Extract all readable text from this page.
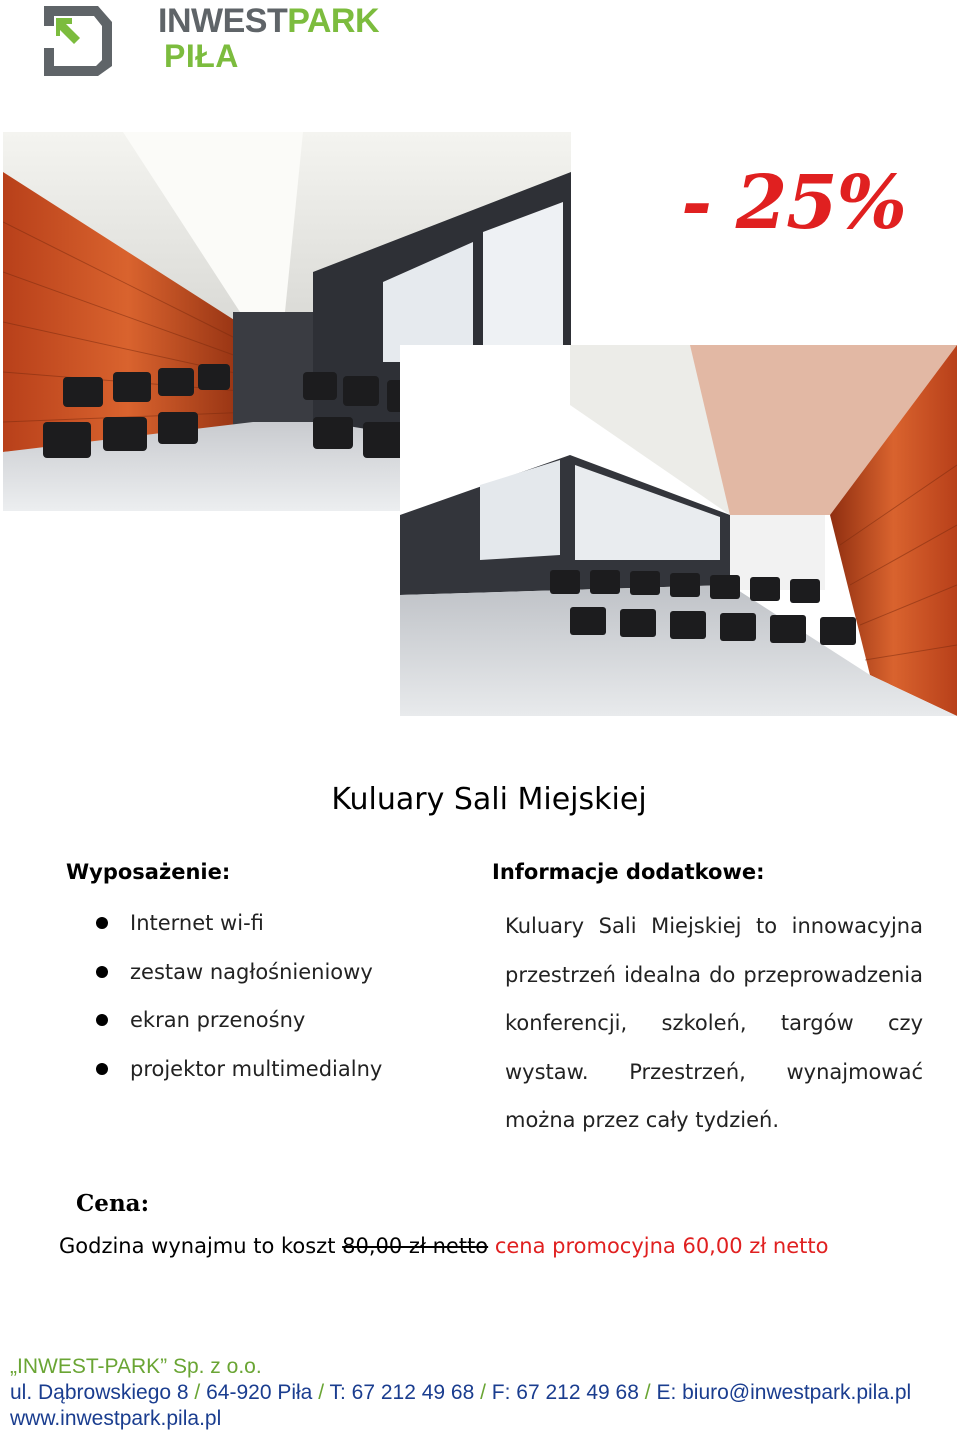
INWESTPARK
PIŁA
- 25%
Kuluary Sali Miejskiej
Wyposażenie:
Internet wi-fi
zestaw nagłośnieniowy
ekran przenośny
projektor multimedialny
Informacje dodatkowe:
Kuluary Sali Miejskiej to innowacyjna przestrzeń idealna do przeprowadzenia konferencji, szkoleń, targów czy wystaw. Przestrzeń, wynajmować można przez cały tydzień.
Cena:
Godzina wynajmu to koszt 80,00 zł netto cena promocyjna 60,00 zł netto
„INWEST-PARK” Sp. z o.o.
ul. Dąbrowskiego 8 / 64-920 Piła / T: 67 212 49 68 / F: 67 212 49 68 / E: biuro@inwestpark.pila.pl
www.inwestpark.pila.pl
